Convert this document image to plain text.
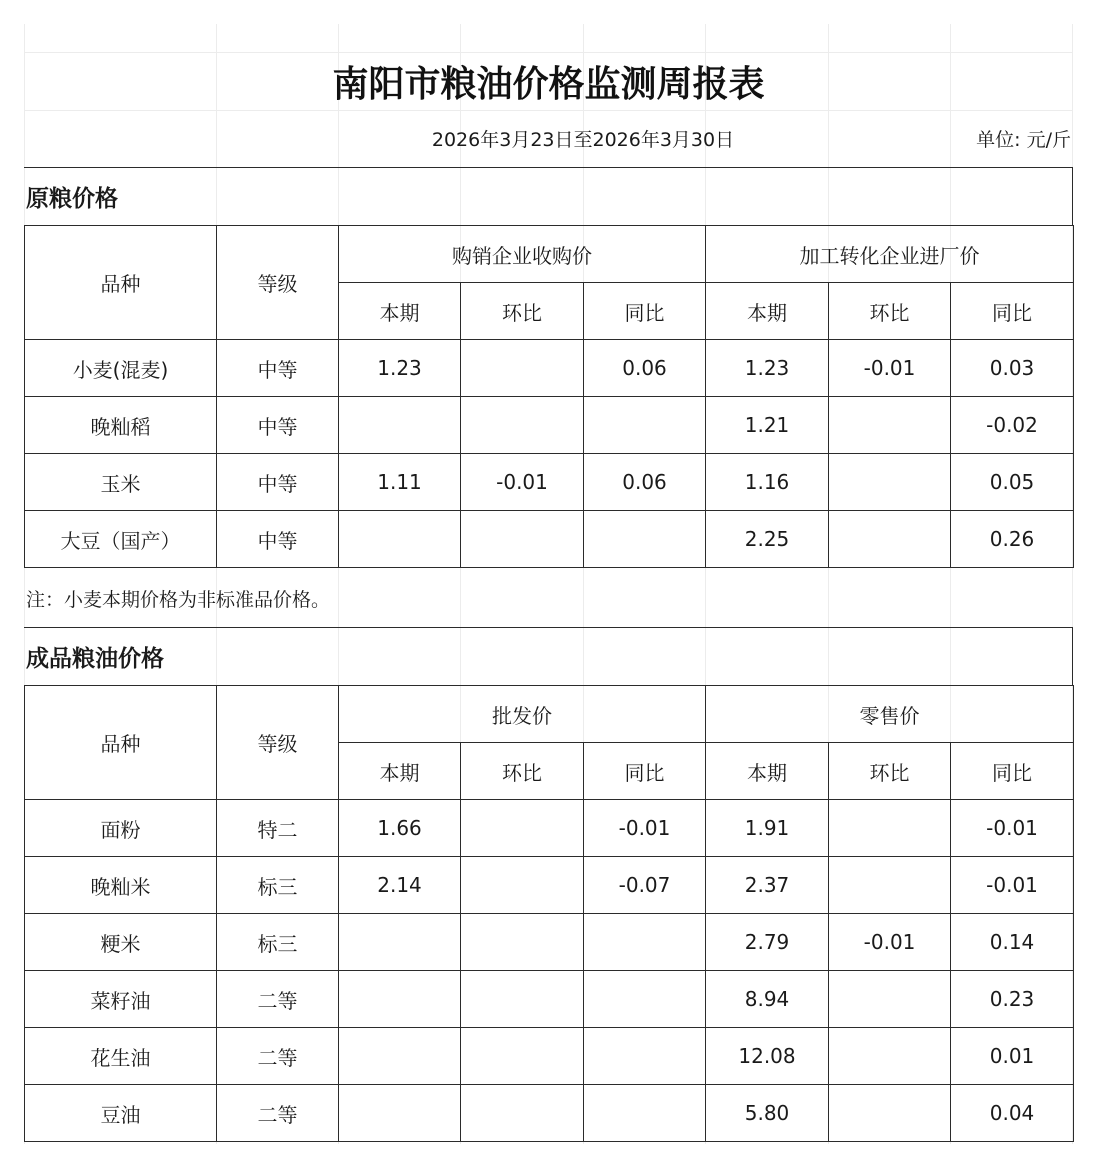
南阳市粮油价格监测周报表
2026年3月23日至2026年3月30日	单位: 元/斤
原粮价格
品种	等级	购销企业收购价			加工转化企业进厂价		
		本期	环比	同比	本期	环比	同比
小麦(混麦)	中等	1.23		0.06	1.23	-0.01	0.03
晚籼稻	中等				1.21		-0.02
玉米	中等	1.11	-0.01	0.06	1.16		0.05
大豆（国产）	中等				2.25		0.26
注：小麦本期价格为非标准品价格。
成品粮油价格
品种	等级	批发价			零售价		
		本期	环比	同比	本期	环比	同比
面粉	特二	1.66		-0.01	1.91		-0.01
晚籼米	标三	2.14		-0.07	2.37		-0.01
粳米	标三				2.79	-0.01	0.14
菜籽油	二等				8.94		0.23
花生油	二等				12.08		0.01
豆油	二等				5.80		0.04
